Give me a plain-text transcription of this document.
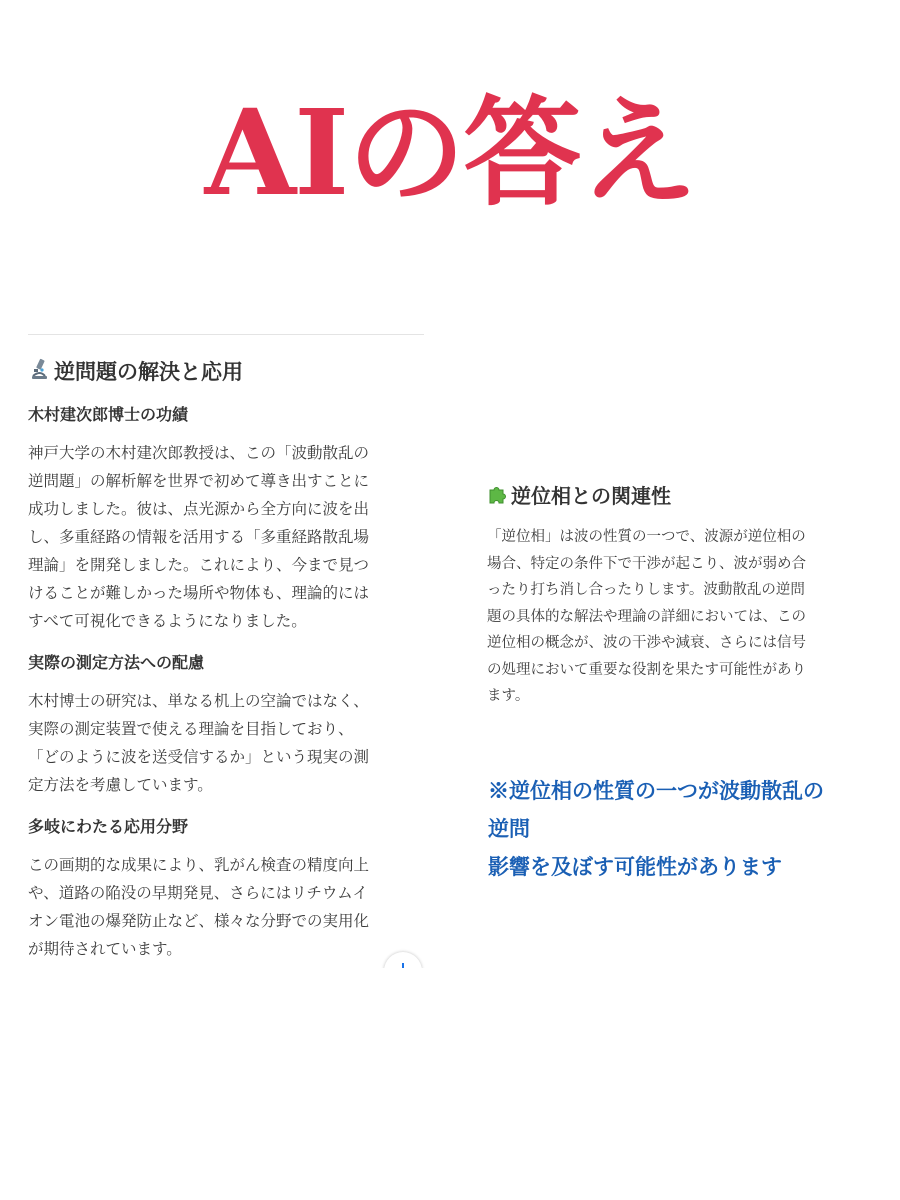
AIの答え
逆問題の解決と応用
木村建次郎博士の功績
神戸大学の木村建次郎教授は、この「波動散乱の
逆問題」の解析解を世界で初めて導き出すことに
成功しました。彼は、点光源から全方向に波を出
し、多重経路の情報を活用する「多重経路散乱場
理論」を開発しました。これにより、今まで見つ
けることが難しかった場所や物体も、理論的には
すべて可視化できるようになりました。
実際の測定方法への配慮
木村博士の研究は、単なる机上の空論ではなく、
実際の測定装置で使える理論を目指しており、
「どのように波を送受信するか」という現実の測
定方法を考慮しています。
多岐にわたる応用分野
この画期的な成果により、乳がん検査の精度向上
や、道路の陥没の早期発見、さらにはリチウムイ
オン電池の爆発防止など、様々な分野での実用化
が期待されています。
逆位相との関連性
「逆位相」は波の性質の一つで、波源が逆位相の
場合、特定の条件下で干渉が起こり、波が弱め合
ったり打ち消し合ったりします。波動散乱の逆問
題の具体的な解法や理論の詳細においては、この
逆位相の概念が、波の干渉や減衰、さらには信号
の処理において重要な役割を果たす可能性があり
ます。
※逆位相の性質の一つが波動散乱の
逆問
影響を及ぼす可能性があります
